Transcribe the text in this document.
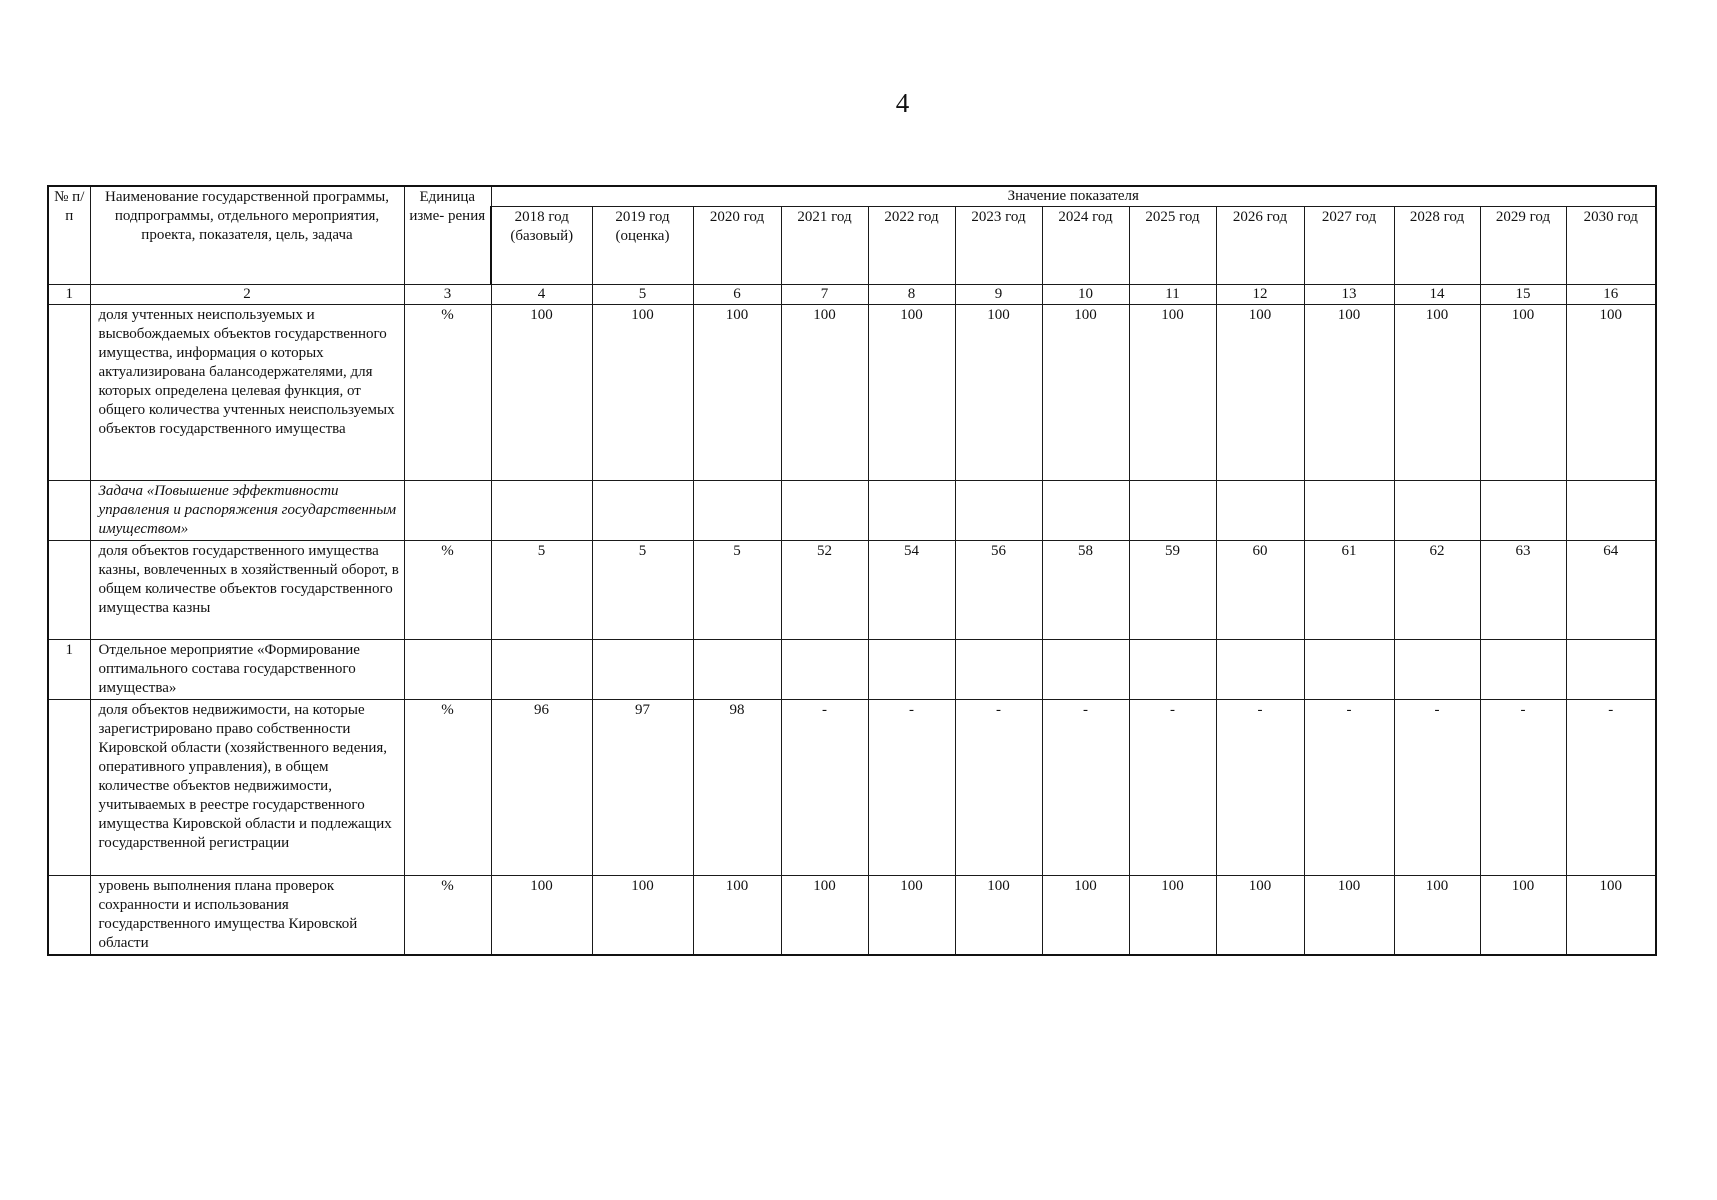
4
№ п/ п	Наименование государственной программы, подпрограммы, отдельного мероприятия, проекта, показателя, цель, задача	Единица изме- рения	Значение показателя												
			2018 год (базовый)	2019 год (оценка)	2020 год	2021 год	2022 год	2023 год	2024 год	2025 год	2026 год	2027 год	2028 год	2029 год	2030 год
1	2	3	4	5	6	7	8	9	10	11	12	13	14	15	16
	доля учтенных неиспользуемых и высвобождаемых объектов государственного имущества, информация о которых актуализирована балансодержателями, для которых определена целевая функция, от общего количества учтенных неиспользуемых объектов государственного имущества	%	100	100	100	100	100	100	100	100	100	100	100	100	100
	Задача «Повышение эффективности управления и распоряжения государственным имуществом»														
	доля объектов государственного имущества казны, вовлеченных в хозяйственный оборот, в общем количестве объектов государственного имущества казны	%	5	5	5	52	54	56	58	59	60	61	62	63	64
1	Отдельное мероприятие «Формирование оптимального состава государственного имущества»														
	доля объектов недвижимости, на которые зарегистрировано право собственности Кировской области (хозяйственного ведения, оперативного управления), в общем количестве объектов недвижимости, учитываемых в реестре государственного имущества Кировской области и подлежащих государственной регистрации	%	96	97	98	-	-	-	-	-	-	-	-	-	-
	уровень выполнения плана проверок сохранности и использования государственного имущества Кировской области	%	100	100	100	100	100	100	100	100	100	100	100	100	100
